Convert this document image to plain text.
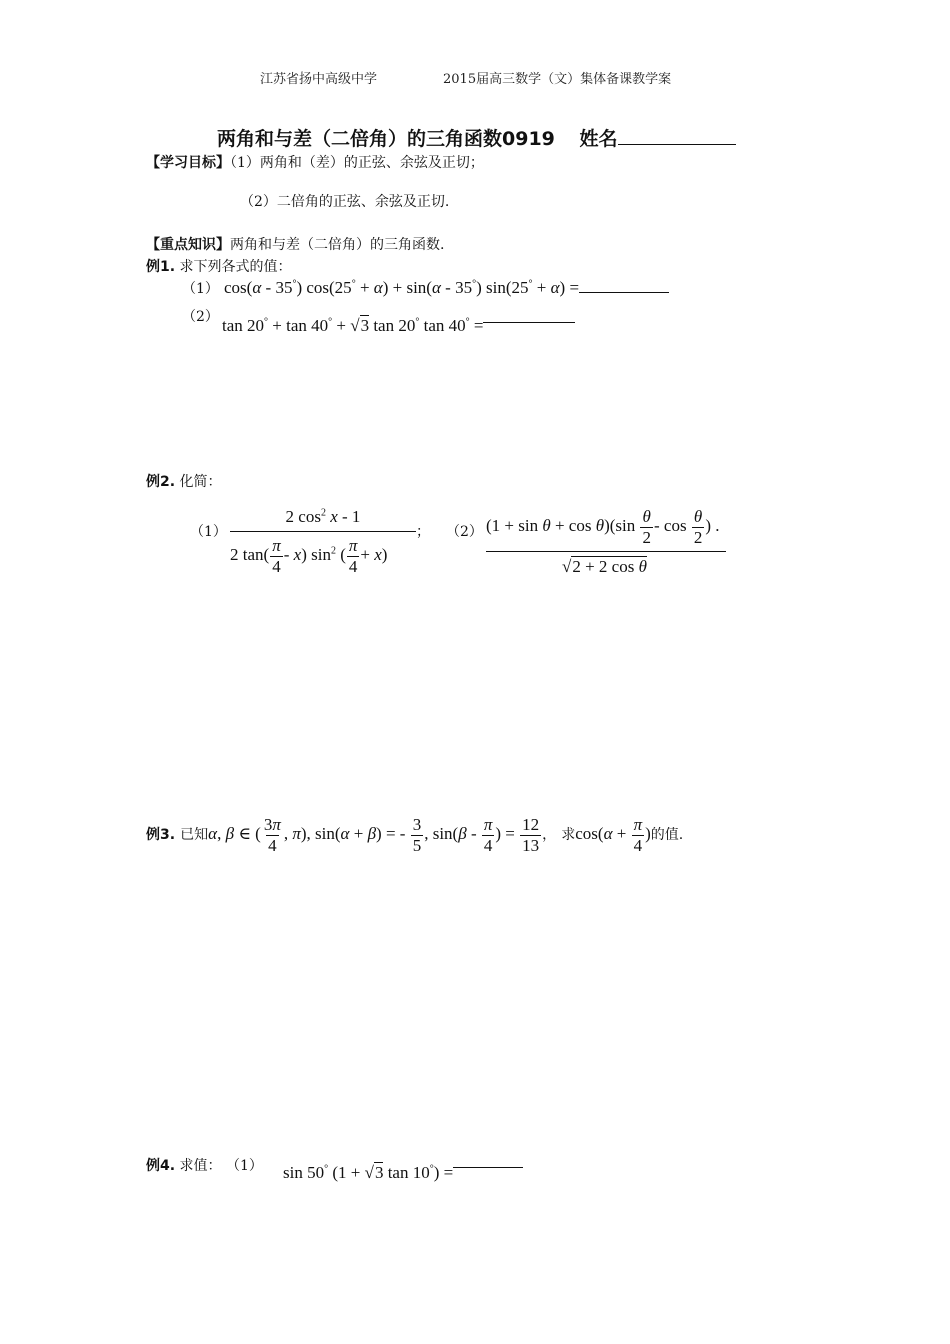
江苏省扬中高级中学	2015届高三数学（文）集体备课教学案
两角和与差（二倍角）的三角函数0919 姓名
【学习目标】（1）两角和（差）的正弦、余弦及正切；
（2）二倍角的正弦、余弦及正切.
【重点知识】两角和与差（二倍角）的三角函数.
例1. 求下列各式的值：
（1） cos(α - 35°) cos(25° + α) + sin(α - 35°) sin(25° + α) =
（2） tan 20° + tan 40° + √3 tan 20° tan 40° =
例2. 化简：
（1）
2 $\cos^2 x - 1$
2 $\tan( \frac{\pi}{4} - x)$ $\sin^2$ ( $\frac{\pi}{4} + x$)
； （2） $(1 + \sin \theta + \cos \theta)(\sin \frac{\theta}{2} - \cos \frac{\theta}{2}$ ) .
√2 + 2 cos θ
例3. 已知α, β ∈ ( $\frac{3\pi}{4}$ , π), sin(α + β) = - $\frac{3}{5}$ , $\sin(\beta - \frac{\pi}{4}$ ) = $\frac{12}{13}$ ， 求$\cos(\alpha + \frac{\pi}{4}$ )的值.
例4. 求值： （1） sin 50° (1 + √3 tan 10°) =
